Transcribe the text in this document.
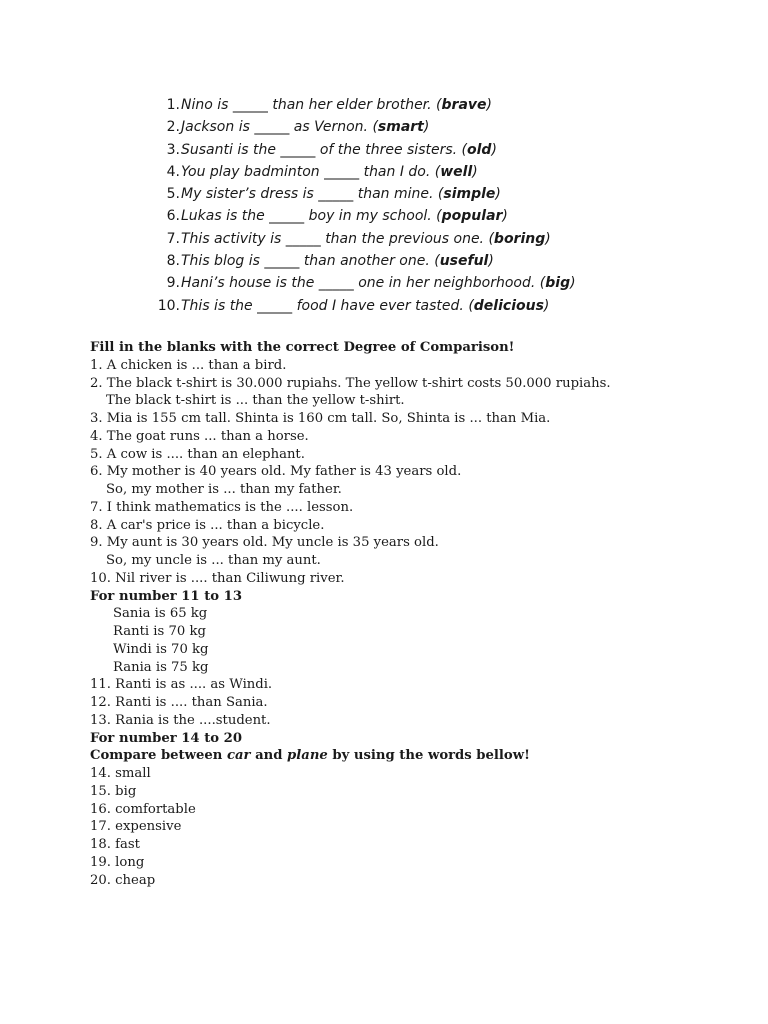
1. Nino is _____ than her elder brother. (brave)
2. Jackson is _____ as Vernon. (smart)
3. Susanti is the _____ of the three sisters. (old)
4. You play badminton _____ than I do. (well)
5. My sister’s dress is _____ than mine. (simple)
6. Lukas is the _____ boy in my school. (popular)
7. This activity is _____ than the previous one. (boring)
8. This blog is _____ than another one. (useful)
9. Hani’s house is the _____ one in her neighborhood. (big)
10. This is the _____ food I have ever tasted. (delicious)
Fill in the blanks with the correct Degree of Comparison!
1. A chicken is ... than a bird.
2. The black t-shirt is 30.000 rupiahs. The yellow t-shirt costs 50.000 rupiahs.
The black t-shirt is ... than the yellow t-shirt.
3. Mia is 155 cm tall. Shinta is 160 cm tall. So, Shinta is ... than Mia.
4. The goat runs ... than a horse.
5. A cow is .... than an elephant.
6. My mother is 40 years old. My father is 43 years old.
So, my mother is ... than my father.
7. I think mathematics is the .... lesson.
8. A car's price is ... than a bicycle.
9. My aunt is 30 years old. My uncle is 35 years old.
So, my uncle is ... than my aunt.
10. Nil river is .... than Ciliwung river.
For number 11 to 13
Sania is 65 kg
Ranti is 70 kg
Windi is 70 kg
Rania is 75 kg
11. Ranti is as .... as Windi.
12. Ranti is .... than Sania.
13. Rania is the ....student.
For number 14 to 20
Compare between car and plane by using the words bellow!
14. small
15. big
16. comfortable
17. expensive
18. fast
19. long
20. cheap
